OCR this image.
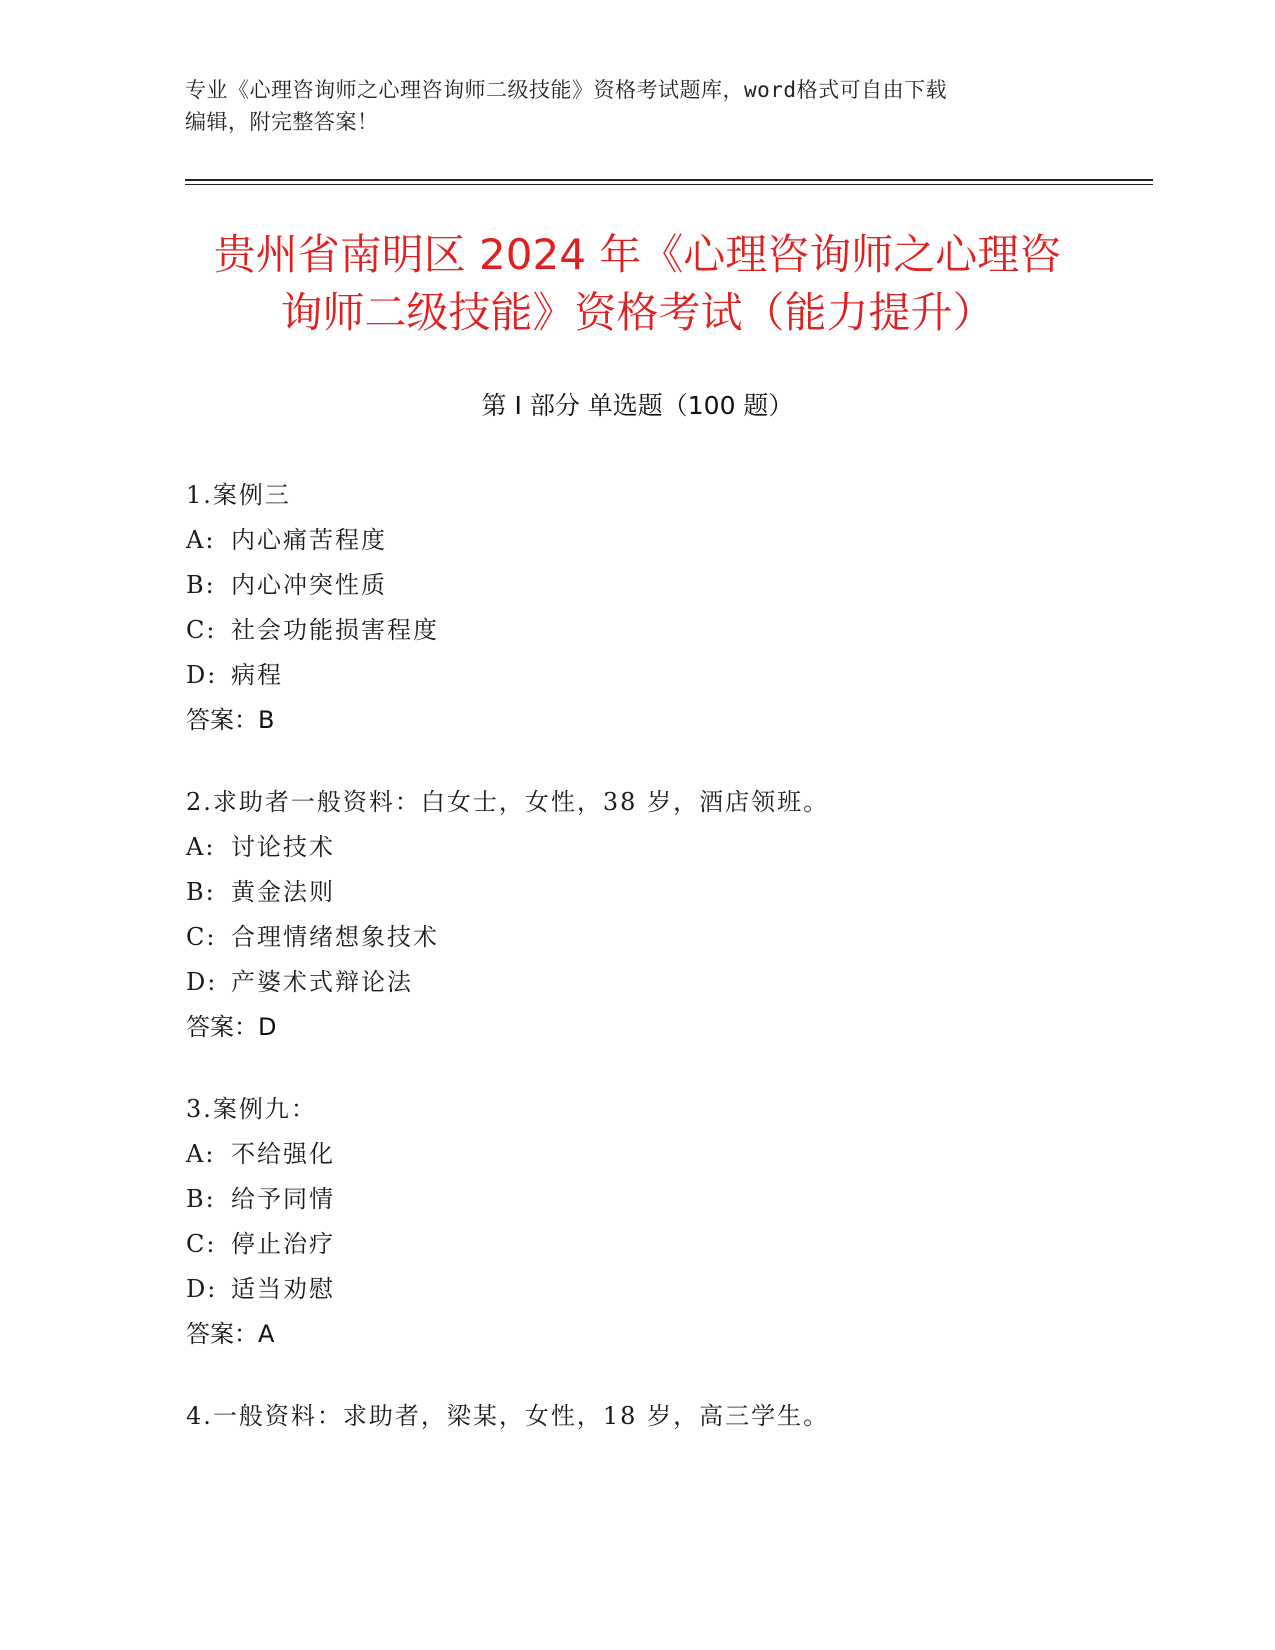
专业《心理咨询师之心理咨询师二级技能》资格考试题库，word格式可自由下载
编辑，附完整答案！
贵州省南明区 2024 年《心理咨询师之心理咨
询师二级技能》资格考试（能力提升）
第 I 部分 单选题（100 题）
1.案例三
A: 内心痛苦程度
B: 内心冲突性质
C: 社会功能损害程度
D: 病程
答案：B
2.求助者一般资料：白女士，女性，38 岁，酒店领班。
A: 讨论技术
B: 黄金法则
C: 合理情绪想象技术
D: 产婆术式辩论法
答案：D
3.案例九：
A: 不给强化
B: 给予同情
C: 停止治疗
D: 适当劝慰
答案：A
4.一般资料：求助者，梁某，女性，18 岁，高三学生。
